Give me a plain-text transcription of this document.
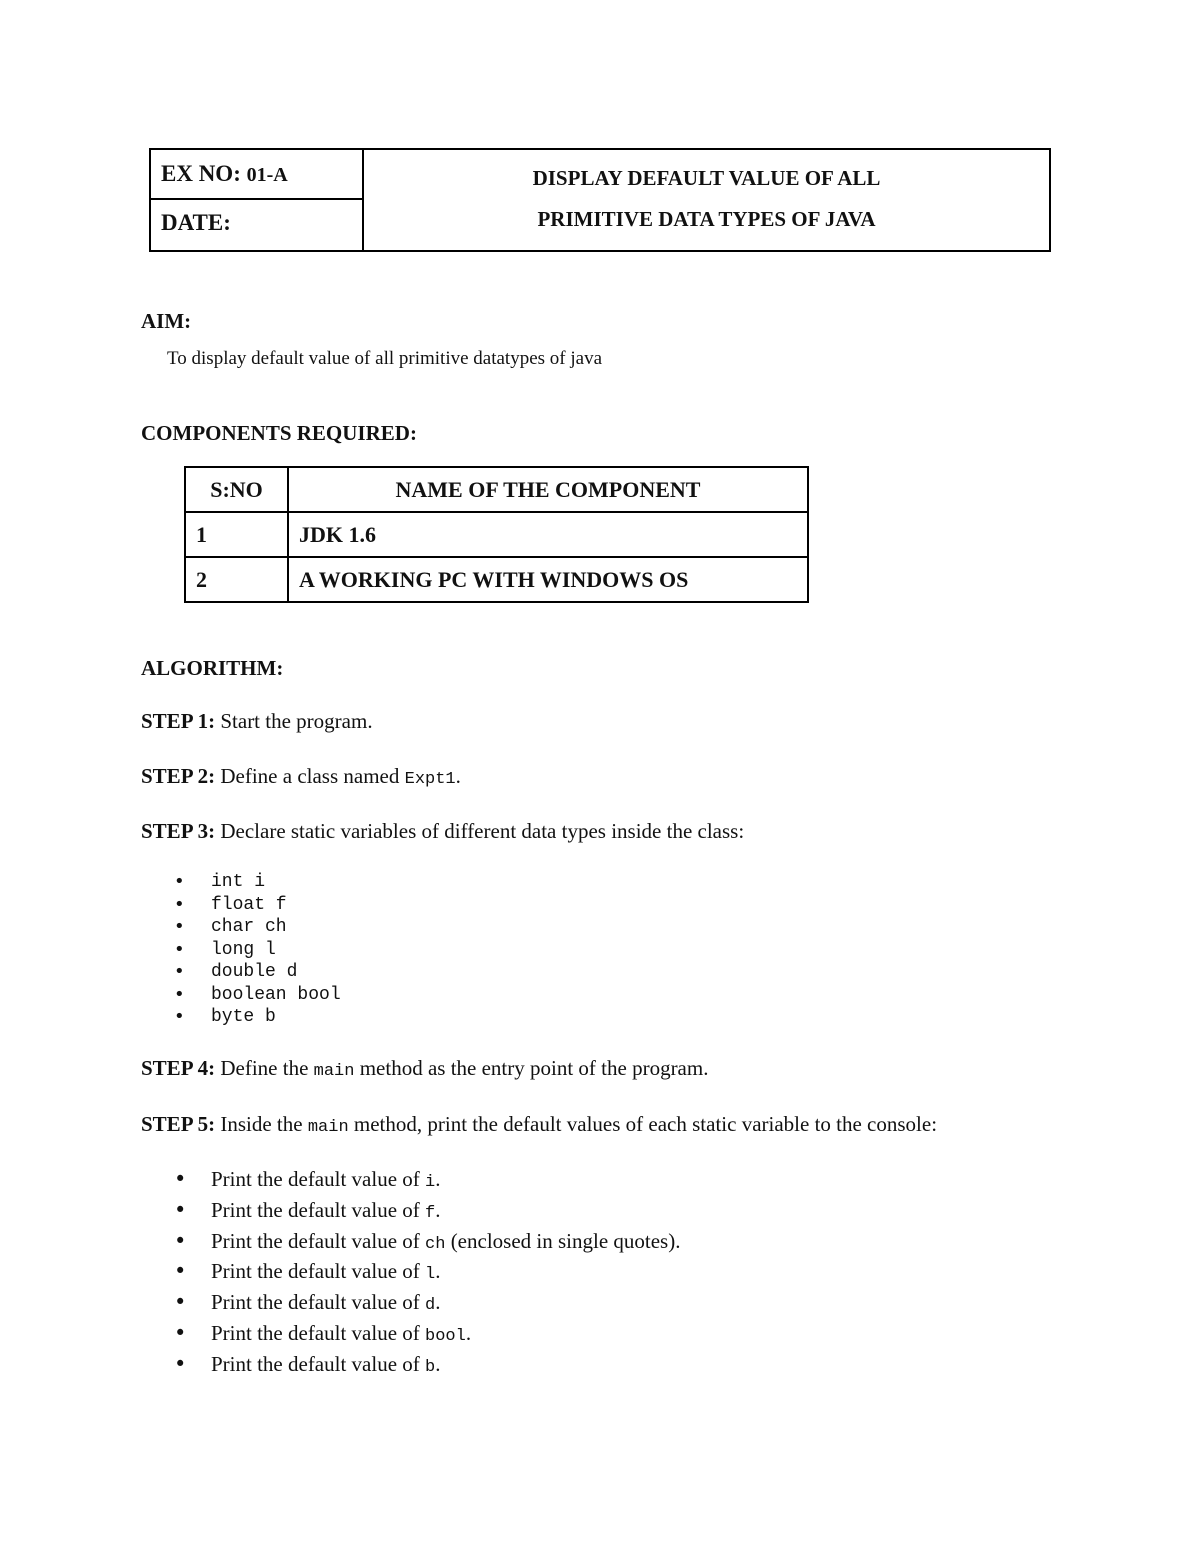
EX NO: 01-A
DATE:
DISPLAY DEFAULT VALUE OF ALL
PRIMITIVE DATA TYPES OF JAVA
AIM:
To display default value of all primitive datatypes of java
COMPONENTS REQUIRED:
S:NO	NAME OF THE COMPONENT
1	JDK 1.6
2	A WORKING PC WITH WINDOWS OS
ALGORITHM:
STEP 1: Start the program.
STEP 2: Define a class named Expt1.
STEP 3: Declare static variables of different data types inside the class:
• int i
• float f
• char ch
• long l
• double d
• boolean bool
• byte b
STEP 4: Define the main method as the entry point of the program.
STEP 5: Inside the main method, print the default values of each static variable to the console:
• Print the default value of i.
• Print the default value of f.
• Print the default value of ch (enclosed in single quotes).
• Print the default value of l.
• Print the default value of d.
• Print the default value of bool.
• Print the default value of b.
